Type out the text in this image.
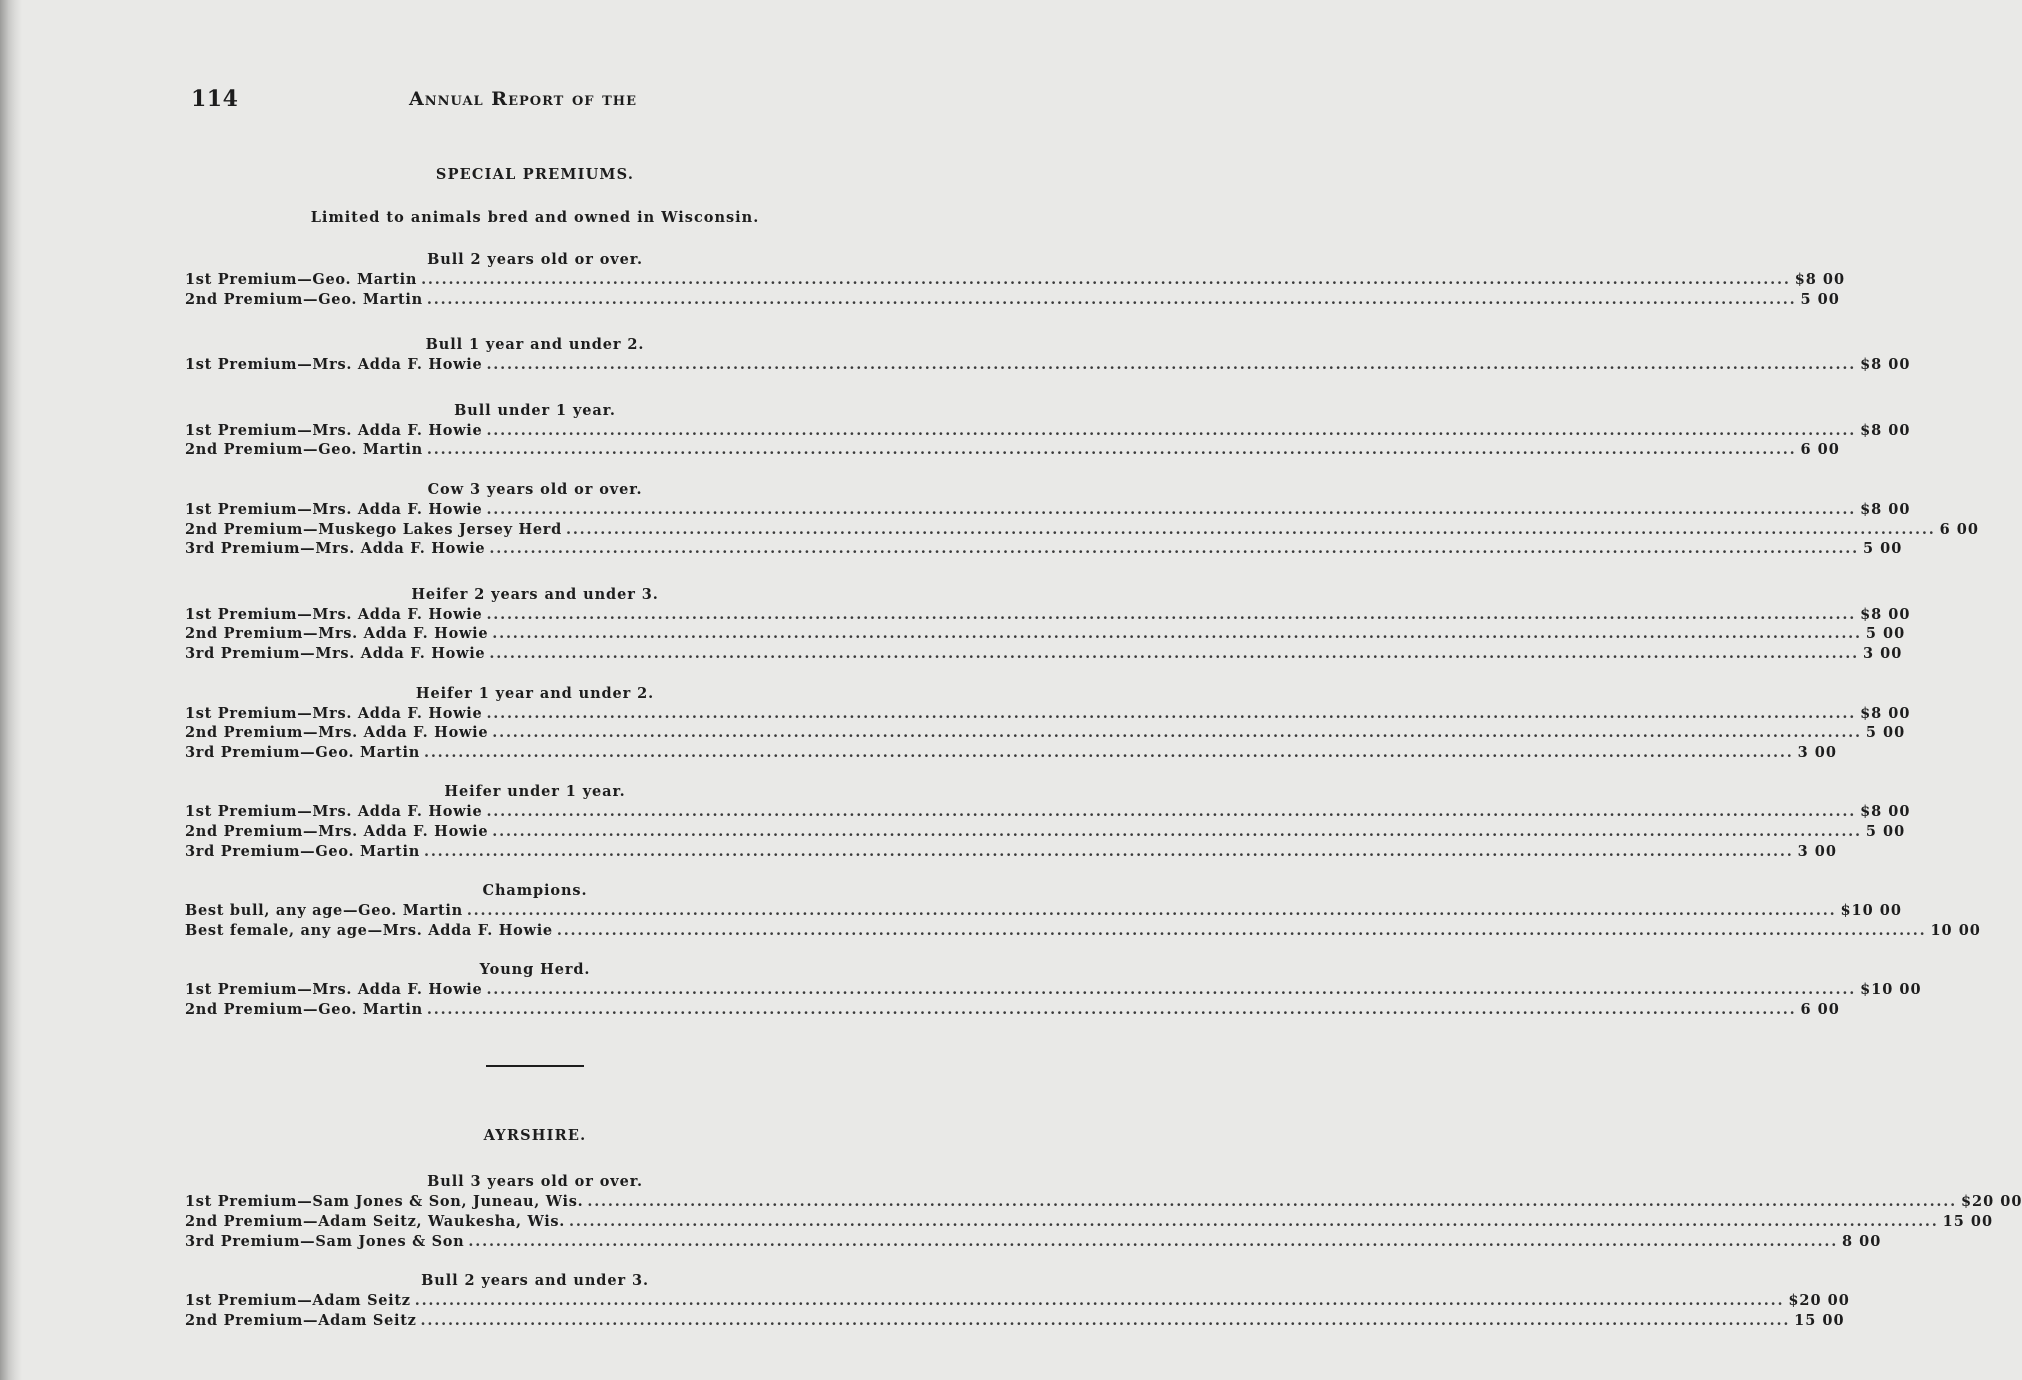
114	Annual Report of the
SPECIAL PREMIUMS.
Limited to animals bred and owned in Wisconsin.
Bull 2 years old or over.
1st Premium—Geo. Martin ........................................................................................................................................................................................................ $8 00
2nd Premium—Geo. Martin ........................................................................................................................................................................................................ 5 00
Bull 1 year and under 2.
1st Premium—Mrs. Adda F. Howie ........................................................................................................................................................................................................ $8 00
Bull under 1 year.
1st Premium—Mrs. Adda F. Howie ........................................................................................................................................................................................................ $8 00
2nd Premium—Geo. Martin ........................................................................................................................................................................................................ 6 00
Cow 3 years old or over.
1st Premium—Mrs. Adda F. Howie ........................................................................................................................................................................................................ $8 00
2nd Premium—Muskego Lakes Jersey Herd ........................................................................................................................................................................................................ 6 00
3rd Premium—Mrs. Adda F. Howie ........................................................................................................................................................................................................ 5 00
Heifer 2 years and under 3.
1st Premium—Mrs. Adda F. Howie ........................................................................................................................................................................................................ $8 00
2nd Premium—Mrs. Adda F. Howie ........................................................................................................................................................................................................ 5 00
3rd Premium—Mrs. Adda F. Howie ........................................................................................................................................................................................................ 3 00
Heifer 1 year and under 2.
1st Premium—Mrs. Adda F. Howie ........................................................................................................................................................................................................ $8 00
2nd Premium—Mrs. Adda F. Howie ........................................................................................................................................................................................................ 5 00
3rd Premium—Geo. Martin ........................................................................................................................................................................................................ 3 00
Heifer under 1 year.
1st Premium—Mrs. Adda F. Howie ........................................................................................................................................................................................................ $8 00
2nd Premium—Mrs. Adda F. Howie ........................................................................................................................................................................................................ 5 00
3rd Premium—Geo. Martin ........................................................................................................................................................................................................ 3 00
Champions.
Best bull, any age—Geo. Martin ........................................................................................................................................................................................................ $10 00
Best female, any age—Mrs. Adda F. Howie ........................................................................................................................................................................................................ 10 00
Young Herd.
1st Premium—Mrs. Adda F. Howie ........................................................................................................................................................................................................ $10 00
2nd Premium—Geo. Martin ........................................................................................................................................................................................................ 6 00
AYRSHIRE.
Bull 3 years old or over.
1st Premium—Sam Jones & Son, Juneau, Wis. ........................................................................................................................................................................................................ $20 00
2nd Premium—Adam Seitz, Waukesha, Wis. ........................................................................................................................................................................................................ 15 00
3rd Premium—Sam Jones & Son ........................................................................................................................................................................................................ 8 00
Bull 2 years and under 3.
1st Premium—Adam Seitz ........................................................................................................................................................................................................ $20 00
2nd Premium—Adam Seitz ........................................................................................................................................................................................................ 15 00
